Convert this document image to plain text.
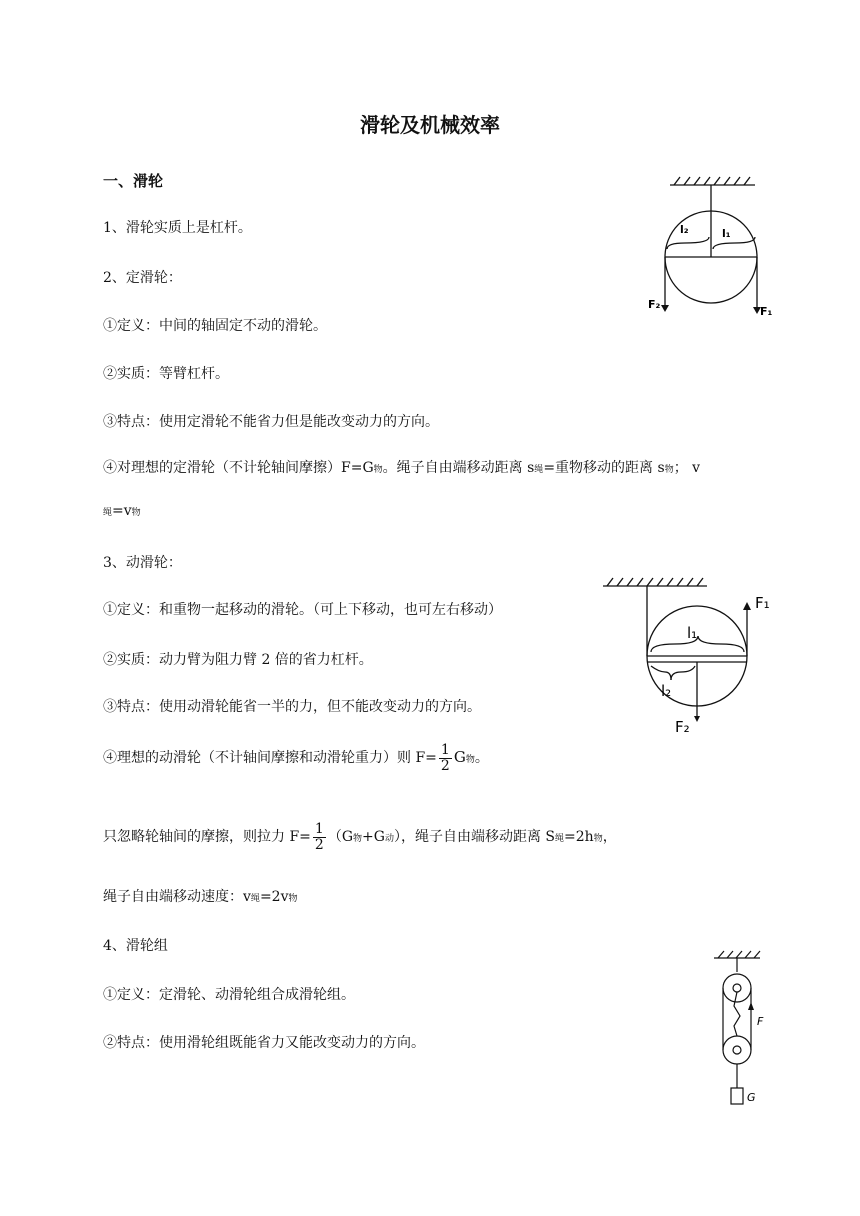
滑轮及机械效率
一、滑轮
1、滑轮实质上是杠杆。
2、定滑轮：
①定义：中间的轴固定不动的滑轮。
②实质：等臂杠杆。
③特点：使用定滑轮不能省力但是能改变动力的方向。
④对理想的定滑轮（不计轮轴间摩擦）F=G物。绳子自由端移动距离 s绳=重物移动的距离 s物； v
绳=v物
3、动滑轮：
①定义：和重物一起移动的滑轮。（可上下移动，也可左右移动）
②实质：动力臂为阻力臂 2 倍的省力杠杆。
③特点：使用动滑轮能省一半的力，但不能改变动力的方向。
④理想的动滑轮（不计轴间摩擦和动滑轮重力）则 $F= \frac{1}{2}$ G物。
只忽略轮轴间的摩擦，则拉力 $F= \frac{1}{2} (G$物+G动），绳子自由端移动距离 S绳=2h物，
绳子自由端移动速度：v绳=2v物
4、滑轮组
①定义：定滑轮、动滑轮组合成滑轮组。
②特点：使用滑轮组既能省力又能改变动力的方向。
l₂	l₁
F₂
F₁
F₁
l₁
l₂
F₂
F
G
